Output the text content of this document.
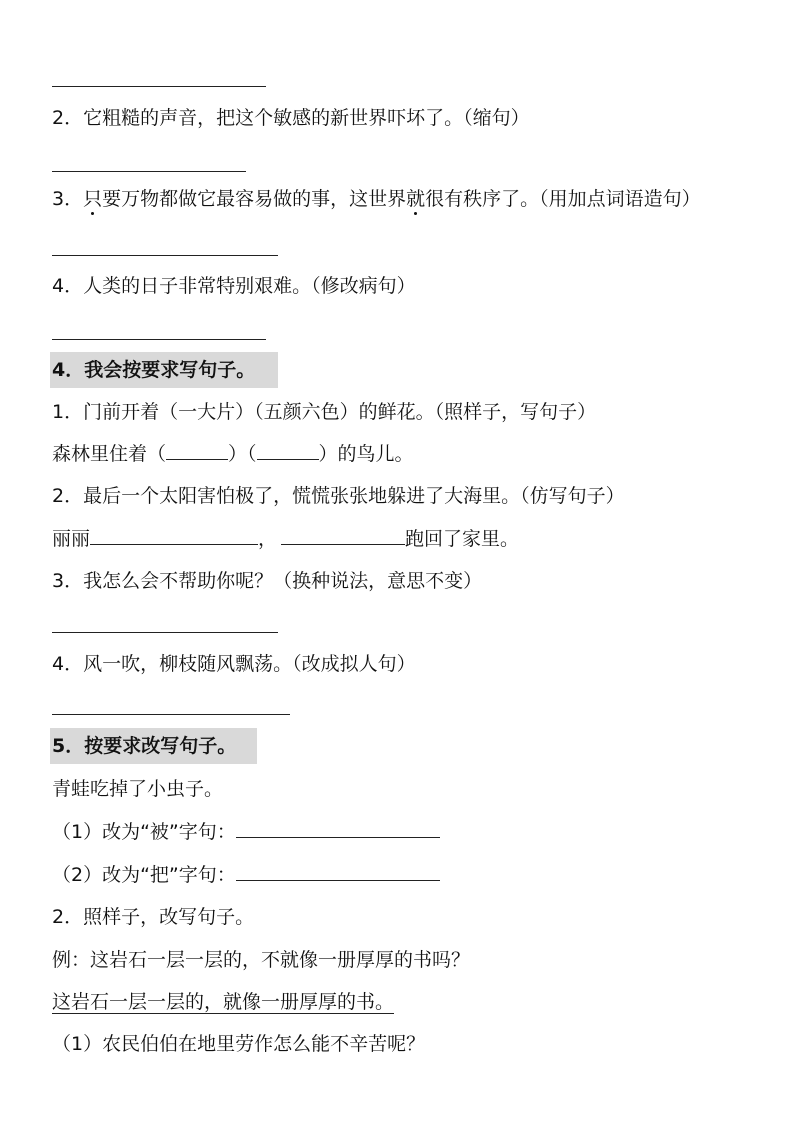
2．它粗糙的声音，把这个敏感的新世界吓坏了。（缩句）
3．只要万物都做它最容易做的事，这世界就很有秩序了。（用加点词语造句）
4．人类的日子非常特别艰难。（修改病句）
4．我会按要求写句子。
1．门前开着（一大片）（五颜六色）的鲜花。（照样子，写句子）
森林里住着（	）（	）的鸟儿。
2．最后一个太阳害怕极了，慌慌张张地躲进了大海里。（仿写句子）
丽丽	，	跑回了家里。
3．我怎么会不帮助你呢？（换种说法，意思不变）
4．风一吹，柳枝随风飘荡。（改成拟人句）
5．按要求改写句子。
青蛙吃掉了小虫子。
（1）改为“被”字句：
（2）改为“把”字句：
2．照样子，改写句子。
例：这岩石一层一层的，不就像一册厚厚的书吗？
这岩石一层一层的，就像一册厚厚的书。
（1）农民伯伯在地里劳作怎么能不辛苦呢？
